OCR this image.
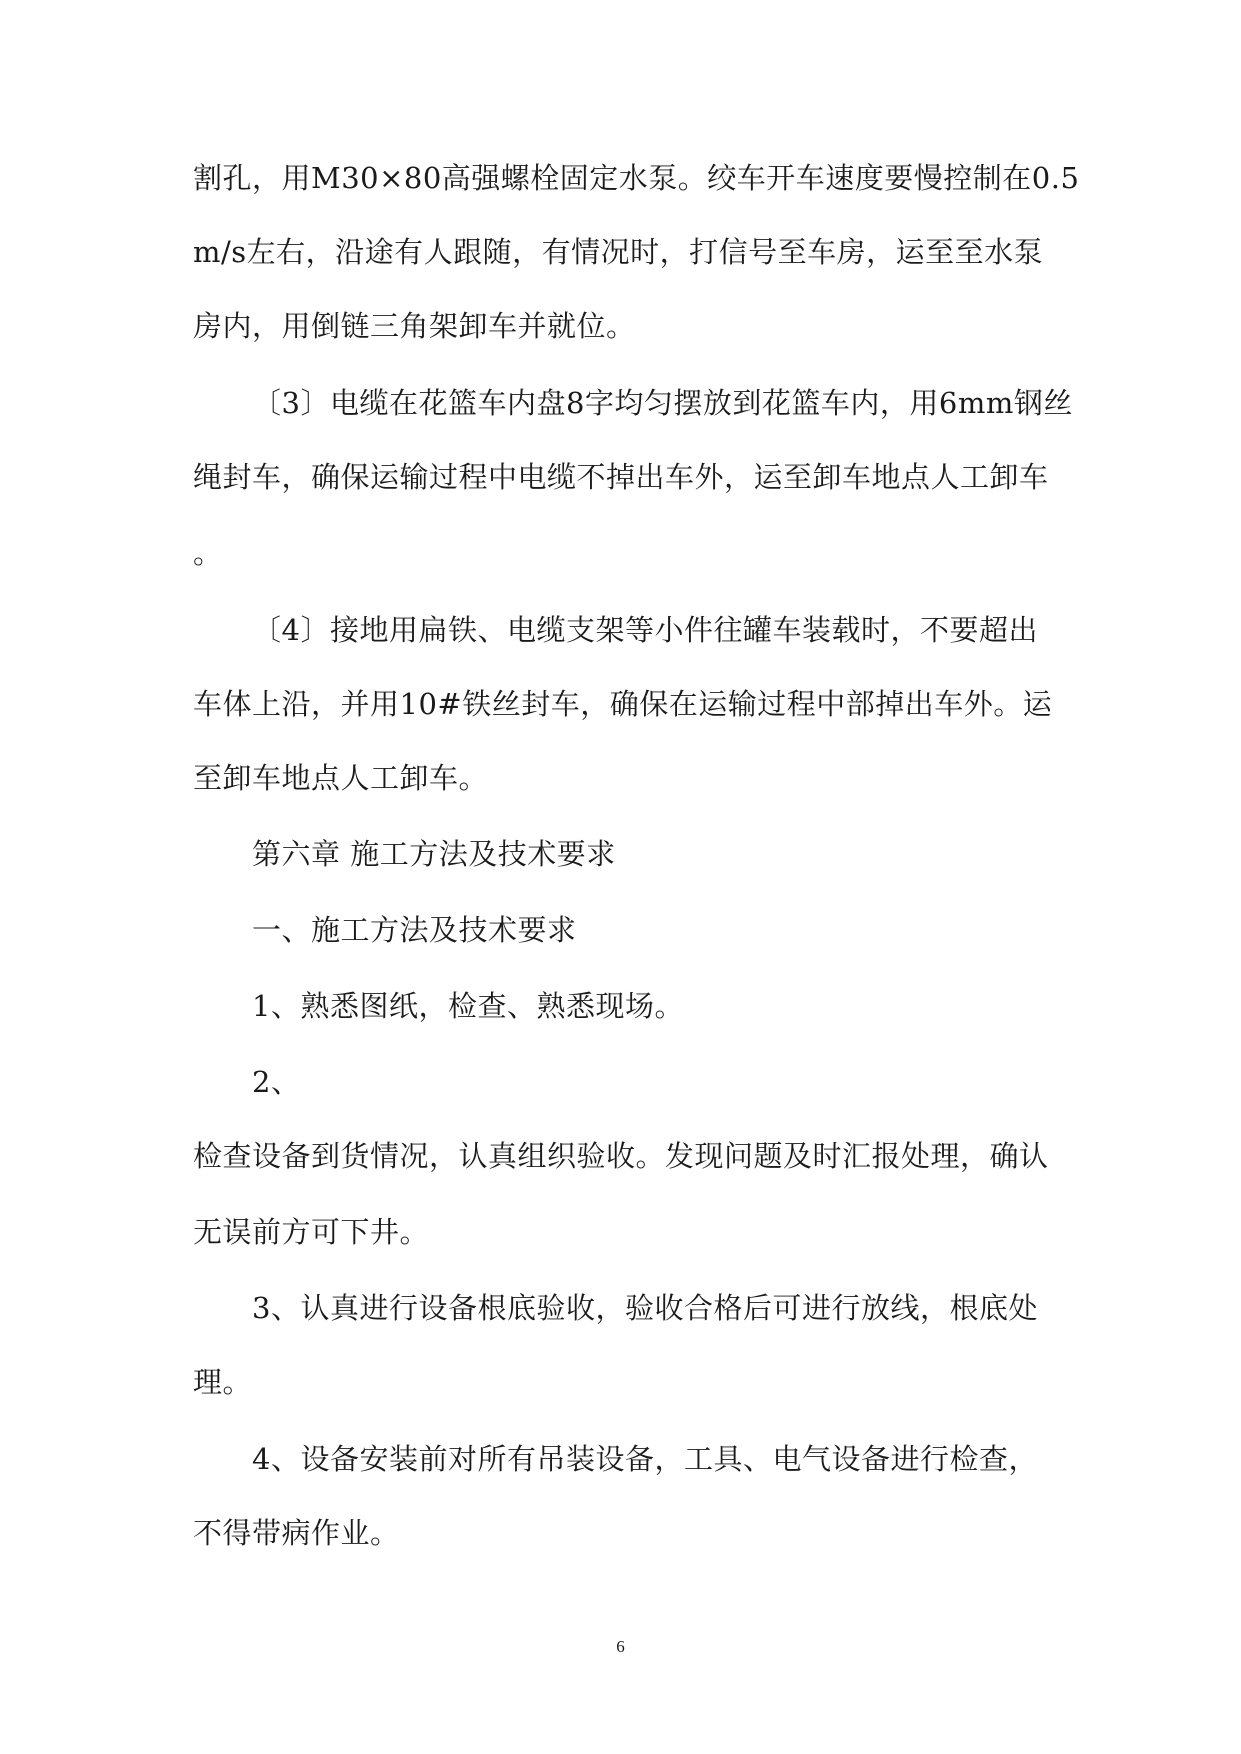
割孔，用M30×80高强螺栓固定水泵。绞车开车速度要慢控制在0.5
m/s左右，沿途有人跟随，有情况时，打信号至车房，运至至水泵
房内，用倒链三角架卸车并就位。
〔3〕电缆在花篮车内盘8字均匀摆放到花篮车内，用6mm钢丝
绳封车，确保运输过程中电缆不掉出车外，运至卸车地点人工卸车
。
〔4〕接地用扁铁、电缆支架等小件往罐车装载时，不要超出
车体上沿，并用10#铁丝封车，确保在运输过程中部掉出车外。运
至卸车地点人工卸车。
第六章 施工方法及技术要求
一、施工方法及技术要求
1、熟悉图纸，检查、熟悉现场。
2、
检查设备到货情况，认真组织验收。发现问题及时汇报处理，确认
无误前方可下井。
3、认真进行设备根底验收，验收合格后可进行放线，根底处
理。
4、设备安装前对所有吊装设备，工具、电气设备进行检查，
不得带病作业。
6
